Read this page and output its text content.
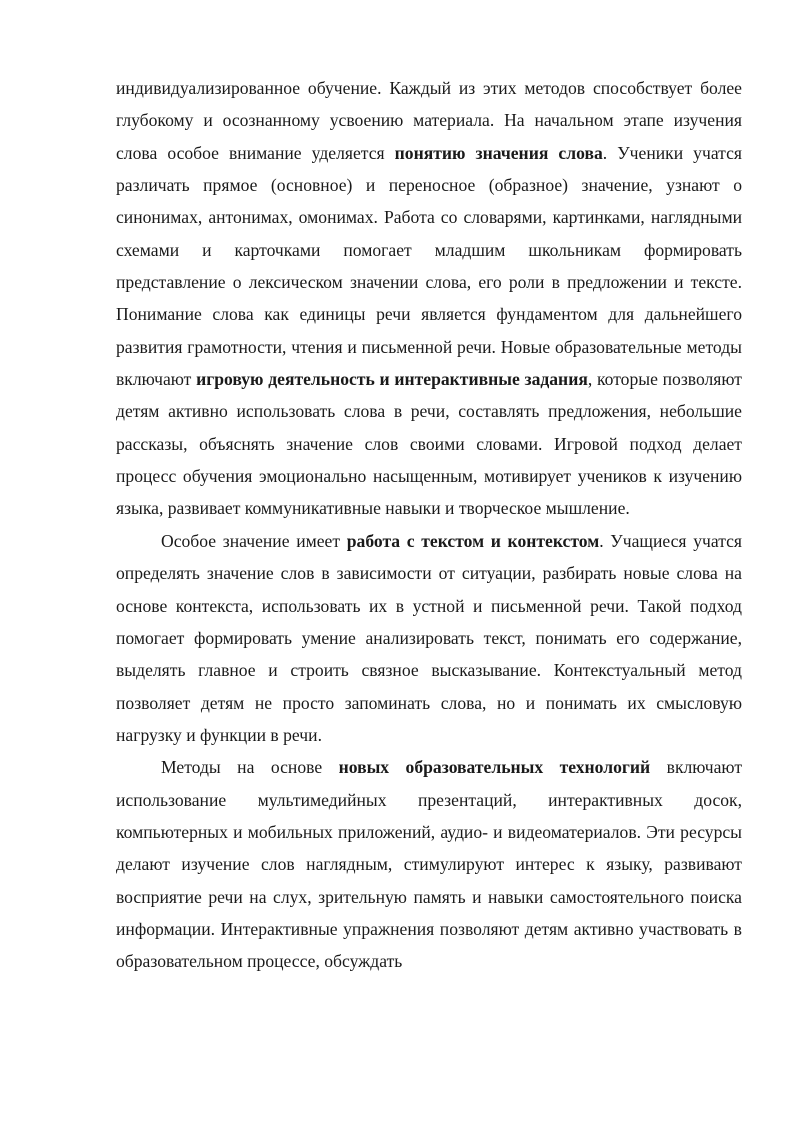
индивидуализированное обучение. Каждый из этих методов способствует более глубокому и осознанному усвоению материала. На начальном этапе изучения слова особое внимание уделяется понятию значения слова. Ученики учатся различать прямое (основное) и переносное (образное) значение, узнают о синонимах, антонимах, омонимах. Работа со словарями, картинками, наглядными схемами и карточками помогает младшим школьникам формировать представление о лексическом значении слова, его роли в предложении и тексте. Понимание слова как единицы речи является фундаментом для дальнейшего развития грамотности, чтения и письменной речи. Новые образовательные методы включают игровую деятельность и интерактивные задания, которые позволяют детям активно использовать слова в речи, составлять предложения, небольшие рассказы, объяснять значение слов своими словами. Игровой подход делает процесс обучения эмоционально насыщенным, мотивирует учеников к изучению языка, развивает коммуникативные навыки и творческое мышление.

Особое значение имеет работа с текстом и контекстом. Учащиеся учатся определять значение слов в зависимости от ситуации, разбирать новые слова на основе контекста, использовать их в устной и письменной речи. Такой подход помогает формировать умение анализировать текст, понимать его содержание, выделять главное и строить связное высказывание. Контекстуальный метод позволяет детям не просто запоминать слова, но и понимать их смысловую нагрузку и функции в речи.

Методы на основе новых образовательных технологий включают использование мультимедийных презентаций, интерактивных досок, компьютерных и мобильных приложений, аудио- и видеоматериалов. Эти ресурсы делают изучение слов наглядным, стимулируют интерес к языку, развивают восприятие речи на слух, зрительную память и навыки самостоятельного поиска информации. Интерактивные упражнения позволяют детям активно участвовать в образовательном процессе, обсуждать
